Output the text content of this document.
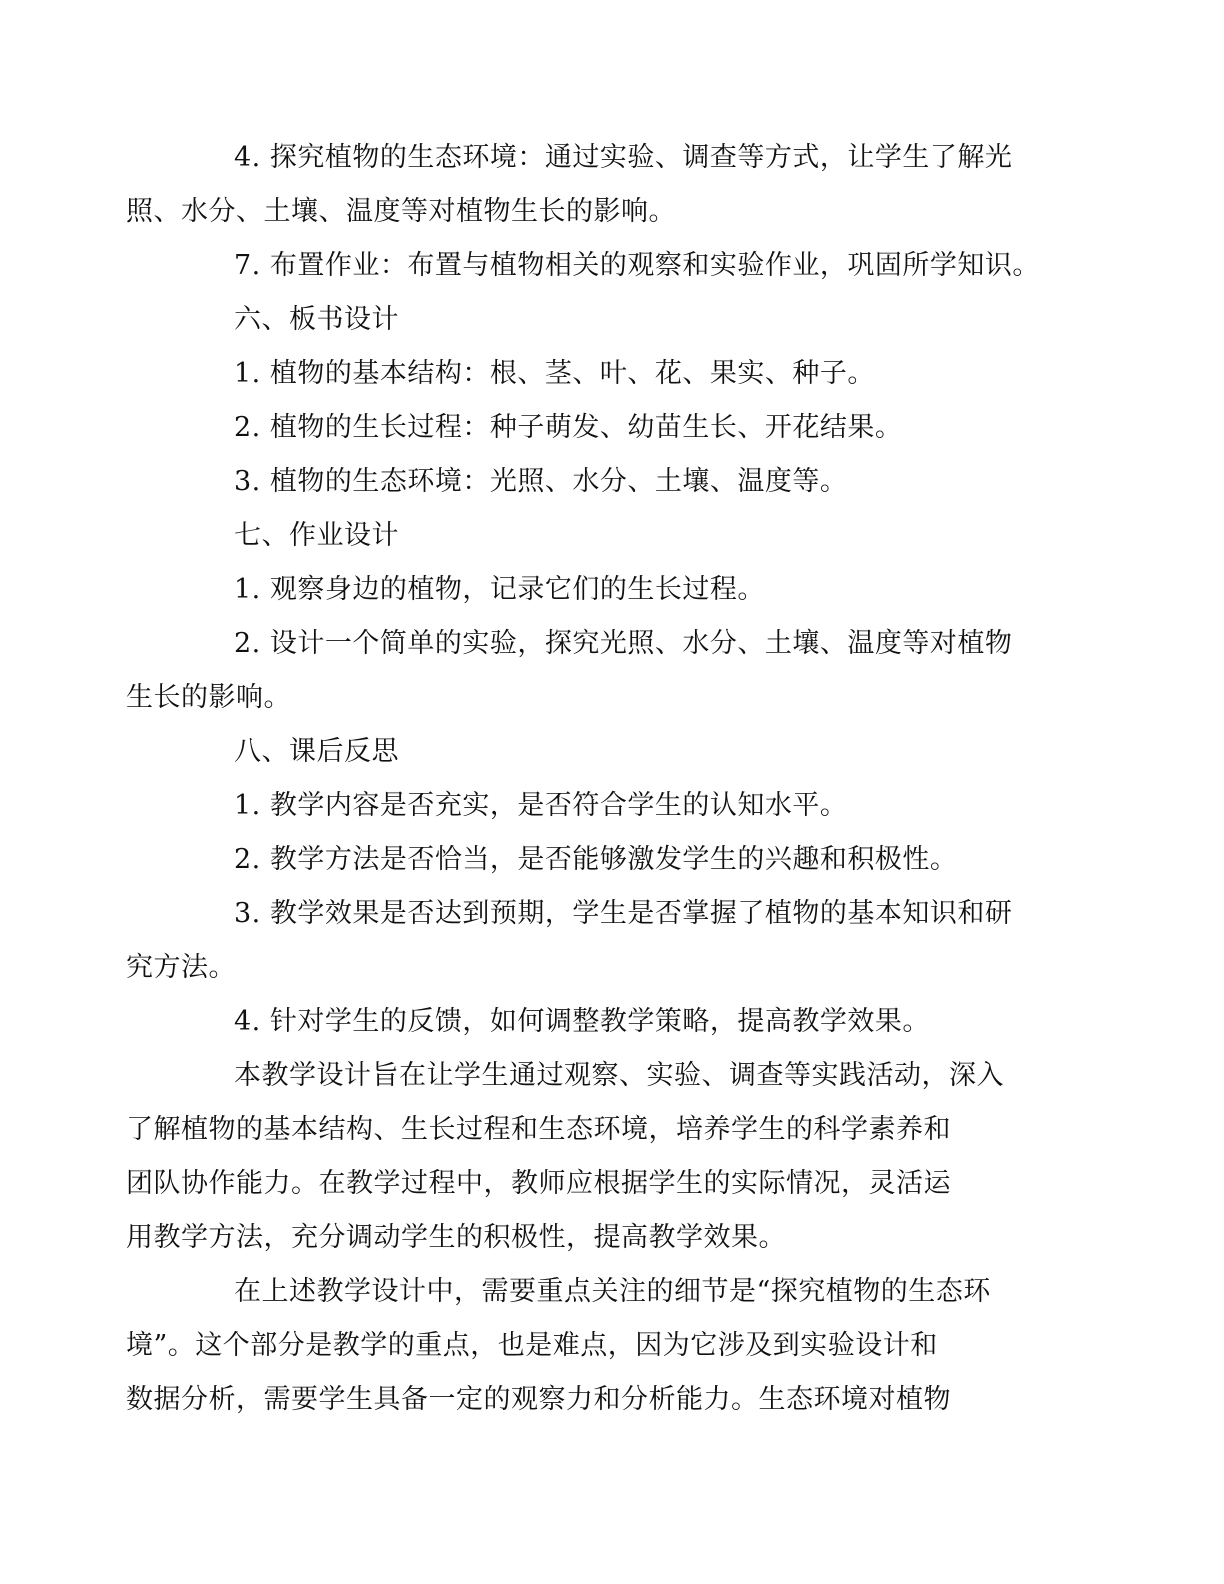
4. 探究植物的生态环境：通过实验、调查等方式，让学生了解光
照、水分、土壤、温度等对植物生长的影响。

7. 布置作业：布置与植物相关的观察和实验作业，巩固所学知识。

六、板书设计

1. 植物的基本结构：根、茎、叶、花、果实、种子。

2. 植物的生长过程：种子萌发、幼苗生长、开花结果。

3. 植物的生态环境：光照、水分、土壤、温度等。

七、作业设计

1. 观察身边的植物，记录它们的生长过程。

2. 设计一个简单的实验，探究光照、水分、土壤、温度等对植物
生长的影响。

八、课后反思

1. 教学内容是否充实，是否符合学生的认知水平。

2. 教学方法是否恰当，是否能够激发学生的兴趣和积极性。

3. 教学效果是否达到预期，学生是否掌握了植物的基本知识和研
究方法。

4. 针对学生的反馈，如何调整教学策略，提高教学效果。

本教学设计旨在让学生通过观察、实验、调查等实践活动，深入
了解植物的基本结构、生长过程和生态环境，培养学生的科学素养和
团队协作能力。在教学过程中，教师应根据学生的实际情况，灵活运
用教学方法，充分调动学生的积极性，提高教学效果。

在上述教学设计中，需要重点关注的细节是“探究植物的生态环
境”。这个部分是教学的重点，也是难点，因为它涉及到实验设计和
数据分析，需要学生具备一定的观察力和分析能力。生态环境对植物
